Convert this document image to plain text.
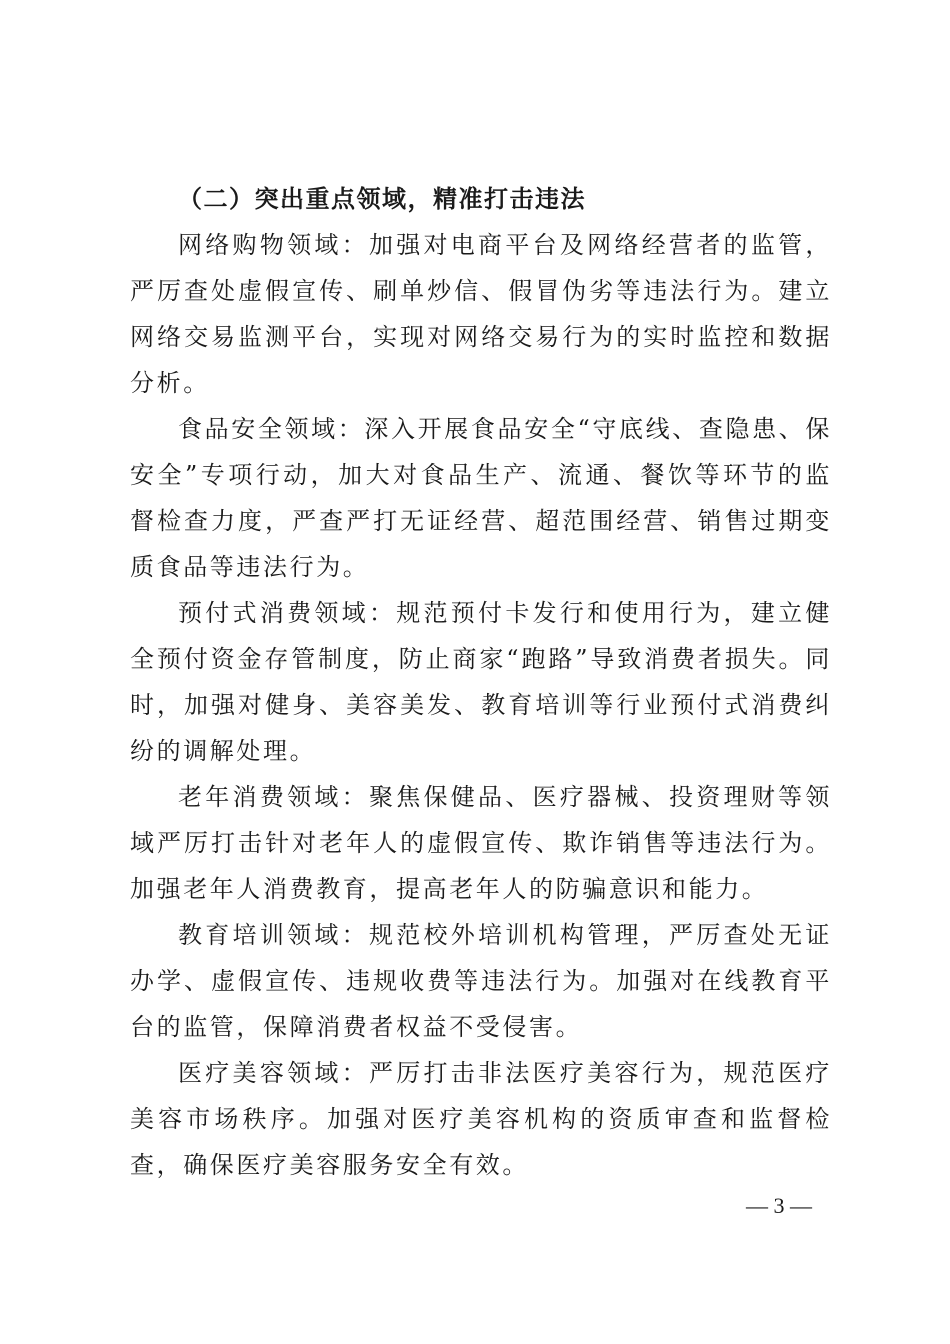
（二）突出重点领域，精准打击违法

网络购物领域：加强对电商平台及网络经营者的监管，严厉查处虚假宣传、刷单炒信、假冒伪劣等违法行为。建立网络交易监测平台，实现对网络交易行为的实时监控和数据分析。

食品安全领域：深入开展食品安全“守底线、查隐患、保安全”专项行动，加大对食品生产、流通、餐饮等环节的监督检查力度，严查严打无证经营、超范围经营、销售过期变质食品等违法行为。

预付式消费领域：规范预付卡发行和使用行为，建立健全预付资金存管制度，防止商家“跑路”导致消费者损失。同时，加强对健身、美容美发、教育培训等行业预付式消费纠纷的调解处理。

老年消费领域：聚焦保健品、医疗器械、投资理财等领域严厉打击针对老年人的虚假宣传、欺诈销售等违法行为。加强老年人消费教育，提高老年人的防骗意识和能力。

教育培训领域：规范校外培训机构管理，严厉查处无证办学、虚假宣传、违规收费等违法行为。加强对在线教育平台的监管，保障消费者权益不受侵害。

医疗美容领域：严厉打击非法医疗美容行为，规范医疗美容市场秩序。加强对医疗美容机构的资质审查和监督检查，确保医疗美容服务安全有效。

— 3 —
